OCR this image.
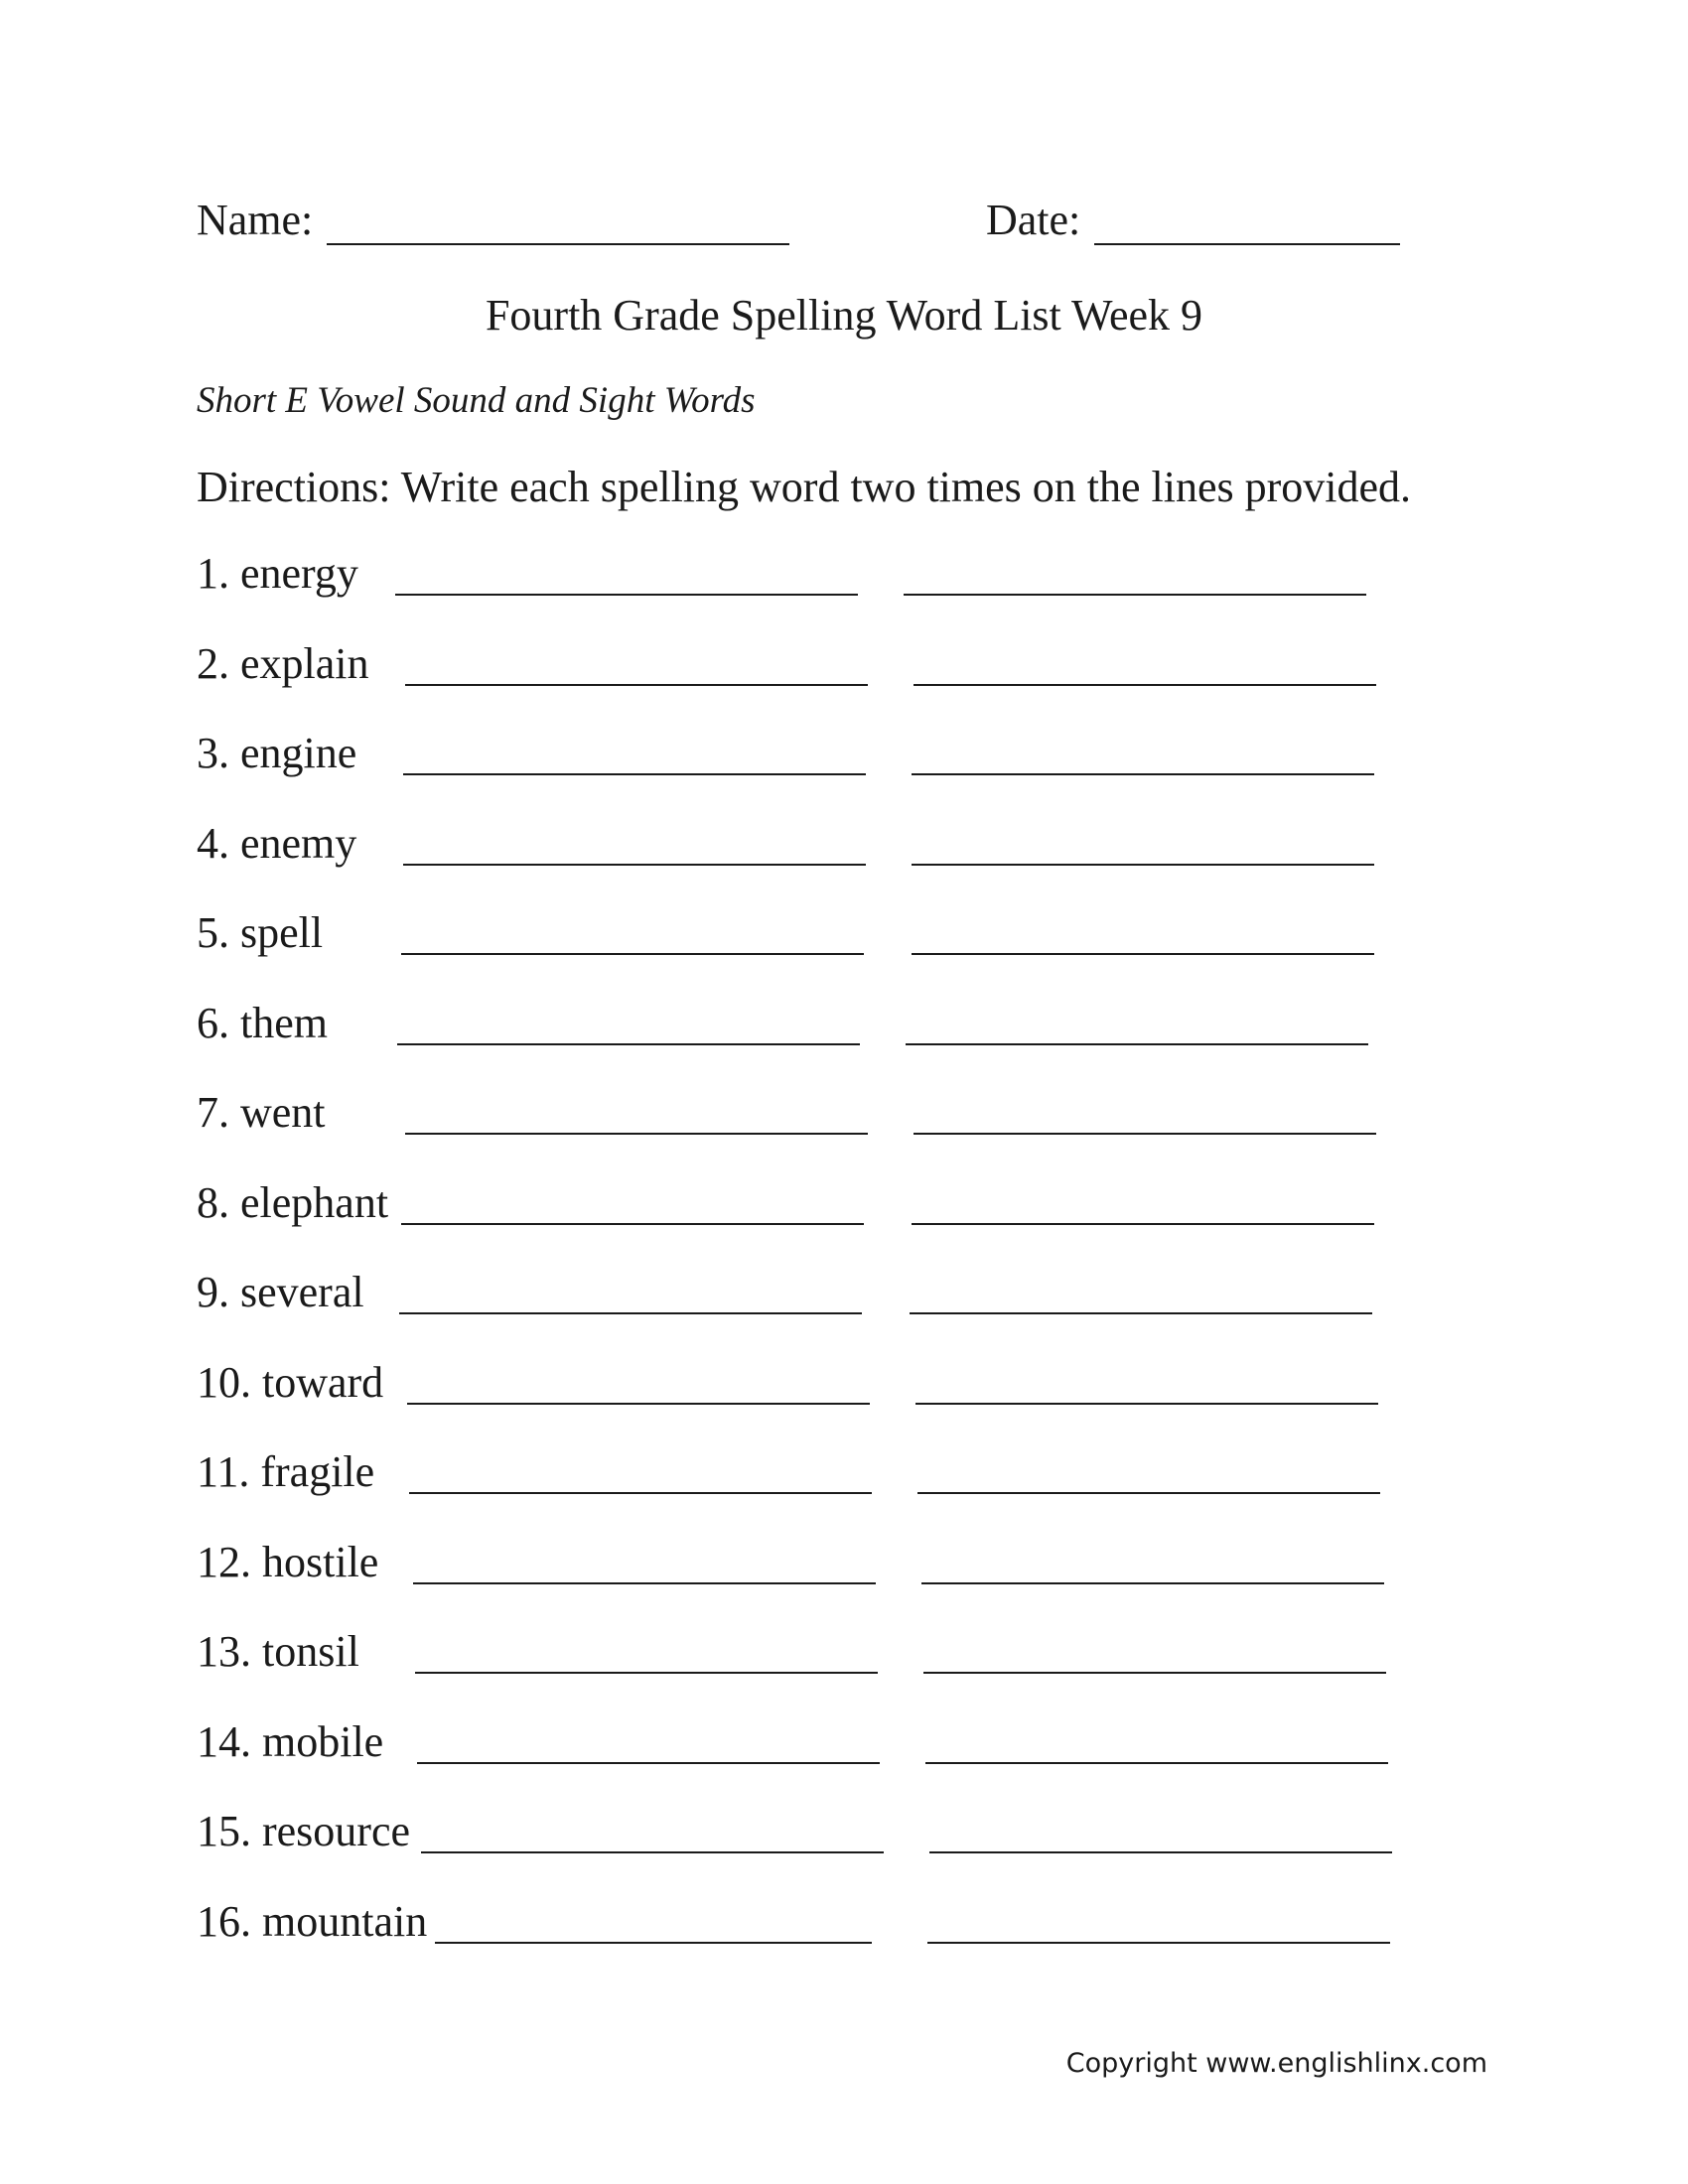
Name:	Date:
Fourth Grade Spelling Word List Week 9
Short E Vowel Sound and Sight Words
Directions: Write each spelling word two times on the lines provided.
1. energy
2. explain
3. engine
4. enemy
5. spell
6. them
7. went
8. elephant
9. several
10. toward
11. fragile
12. hostile
13. tonsil
14. mobile
15. resource
16. mountain
Copyright www.englishlinx.com
